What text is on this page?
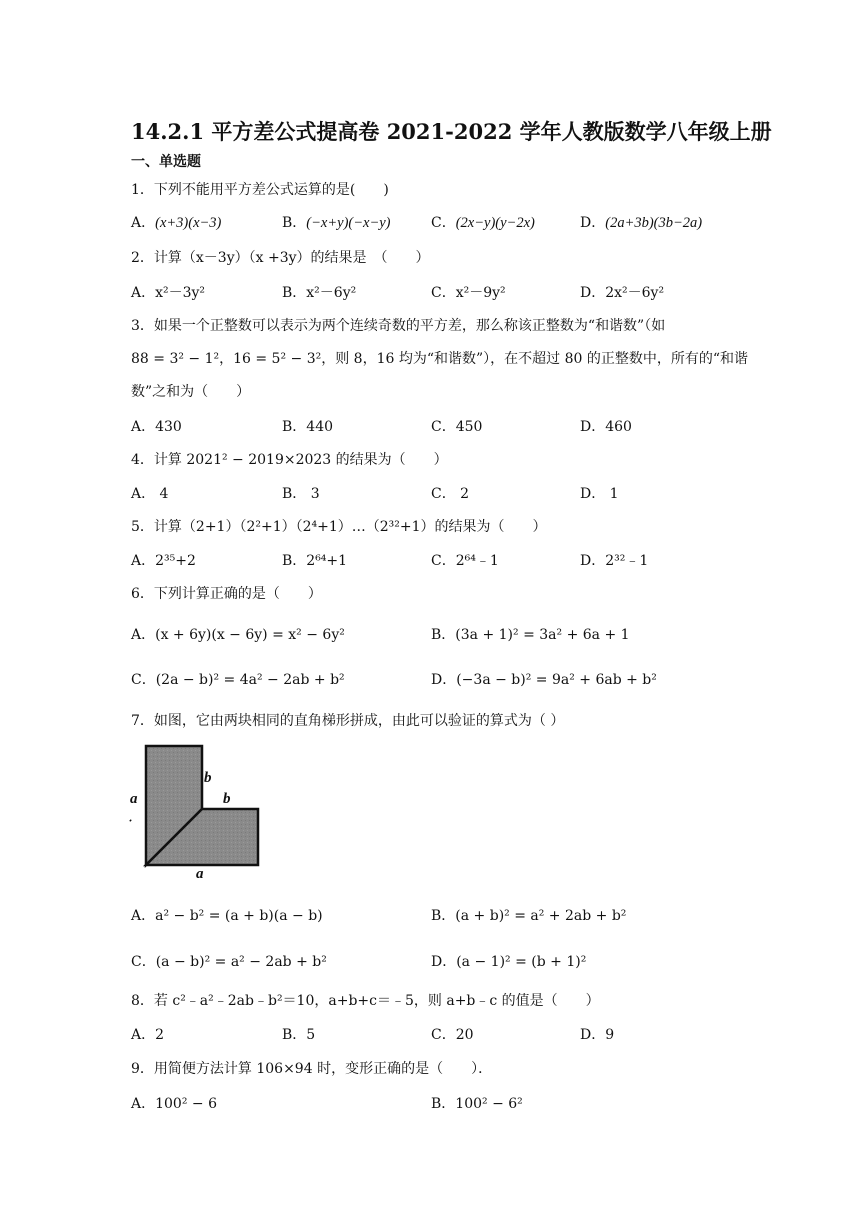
14.2.1 平方差公式提高卷 2021-2022 学年人教版数学八年级上册
一、单选题
1．下列不能用平方差公式运算的是(　　)
A．(x+3)(x−3)	B．(−x+y)(−x−y)	C．(2x−y)(y−2x)	D．(2a+3b)(3b−2a)
2．计算（x－3y）（x +3y）的结果是　（　　）
A．x²－3y²	B．x²－6y²	C．x²－9y²	D．2x²－6y²
3．如果一个正整数可以表示为两个连续奇数的平方差，那么称该正整数为“和谐数”（如
88 = 3² − 1²，16 = 5² − 3²，则 8，16 均为“和谐数”），在不超过 80 的正整数中，所有的“和谐
数”之和为（　　）
A．430	B．440	C．450	D．460
4．计算 2021² − 2019×2023 的结果为（　　）
A． 4	B． 3	C． 2	D． 1
5．计算（2+1）（2²+1）（2⁴+1）…（2³²+1）的结果为（　　）
A．2³⁵+2	B．2⁶⁴+1	C．2⁶⁴﹣1	D．2³²﹣1
6．下列计算正确的是（　　）
A．(x + 6y)(x − 6y) = x² − 6y²	B．(3a + 1)² = 3a² + 6a + 1
C．(2a − b)² = 4a² − 2ab + b²	D．(−3a − b)² = 9a² + 6ab + b²
7．如图，它由两块相同的直角梯形拼成，由此可以验证的算式为（ ）
a
b
b
a
A．a² − b² = (a + b)(a − b)	B．(a + b)² = a² + 2ab + b²
C．(a − b)² = a² − 2ab + b²	D．(a − 1)² = (b + 1)²
8．若 c²﹣a²﹣2ab﹣b²＝10，a+b+c＝﹣5，则 a+b﹣c 的值是（　　）
A．2	B．5	C．20	D．9
9．用简便方法计算 106×94 时，变形正确的是（　　）．
A．100² − 6	B．100² − 6²
